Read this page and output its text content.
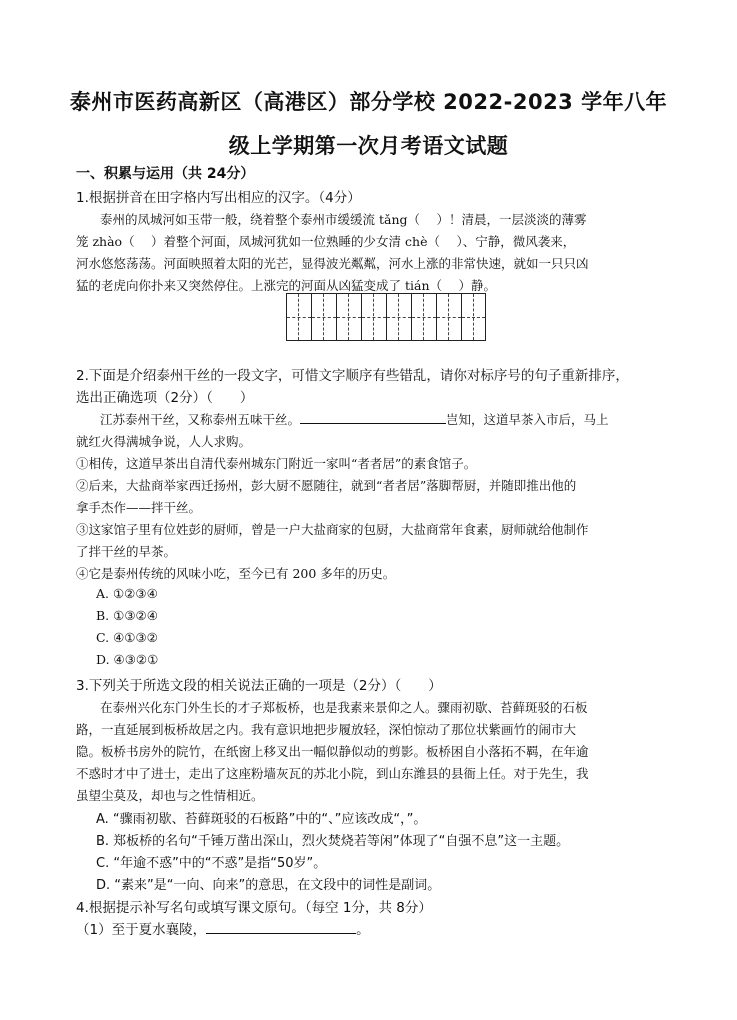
泰州市医药高新区（高港区）部分学校 2022-2023 学年八年
级上学期第一次月考语文试题
一、积累与运用（共 24分）
1.根据拼音在田字格内写出相应的汉字。（4分）
泰州的凤城河如玉带一般，绕着整个泰州市缓缓流 tǎng（　 ）！清晨，一层淡淡的薄雾
笼 zhào（　 ）着整个河面，凤城河犹如一位熟睡的少女清 chè（　 ）、宁静，微风袭来，
河水悠悠荡荡。河面映照着太阳的光芒，显得波光粼粼，河水上涨的非常快速，就如一只只凶
猛的老虎向你扑来又突然停住。上涨完的河面从凶猛变成了 tián（　 ）静。
2.下面是介绍泰州干丝的一段文字，可惜文字顺序有些错乱，请你对标序号的句子重新排序，
选出正确选项（2分）（　　）
江苏泰州干丝，又称泰州五味干丝。	岂知，这道早茶入市后，马上
就红火得满城争说，人人求购。
①相传，这道早茶出自清代泰州城东门附近一家叫“者者居”的素食馆子。
②后来，大盐商举家西迁扬州，彭大厨不愿随往，就到“者者居”落脚帮厨，并随即推出他的
拿手杰作——拌干丝。
③这家馆子里有位姓彭的厨师，曾是一户大盐商家的包厨，大盐商常年食素，厨师就给他制作
了拌干丝的早茶。
④它是泰州传统的风味小吃，至今已有 200 多年的历史。
A. ①②③④
B. ①③②④
C. ④①③②
D. ④③②①
3.下列关于所选文段的相关说法正确的一项是（2分）（　　）
在泰州兴化东门外生长的才子郑板桥，也是我素来景仰之人。骤雨初歇、苔藓斑驳的石板
路，一直延展到板桥故居之内。我有意识地把步履放轻，深怕惊动了那位状紫画竹的闹市大
隐。板桥书房外的院竹，在纸窗上移叉出一幅似静似动的剪影。板桥困自小落拓不羁，在年逾
不惑时才中了进士，走出了这座粉墙灰瓦的苏北小院，到山东潍县的县衙上任。对于先生，我
虽望尘莫及，却也与之性情相近。
A. “骤雨初歇、苔藓斑驳的石板路”中的“、”应该改成“，”。
B. 郑板桥的名句“千锤万凿出深山，烈火焚烧若等闲”体现了“自强不息”这一主题。
C. “年逾不惑”中的“不惑”是指“50岁”。
D. “素来”是“一向、向来”的意思，在文段中的词性是副词。
4.根据提示补写名句或填写课文原句。（每空 1分，共 8分）
（1）至于夏水襄陵，	。
